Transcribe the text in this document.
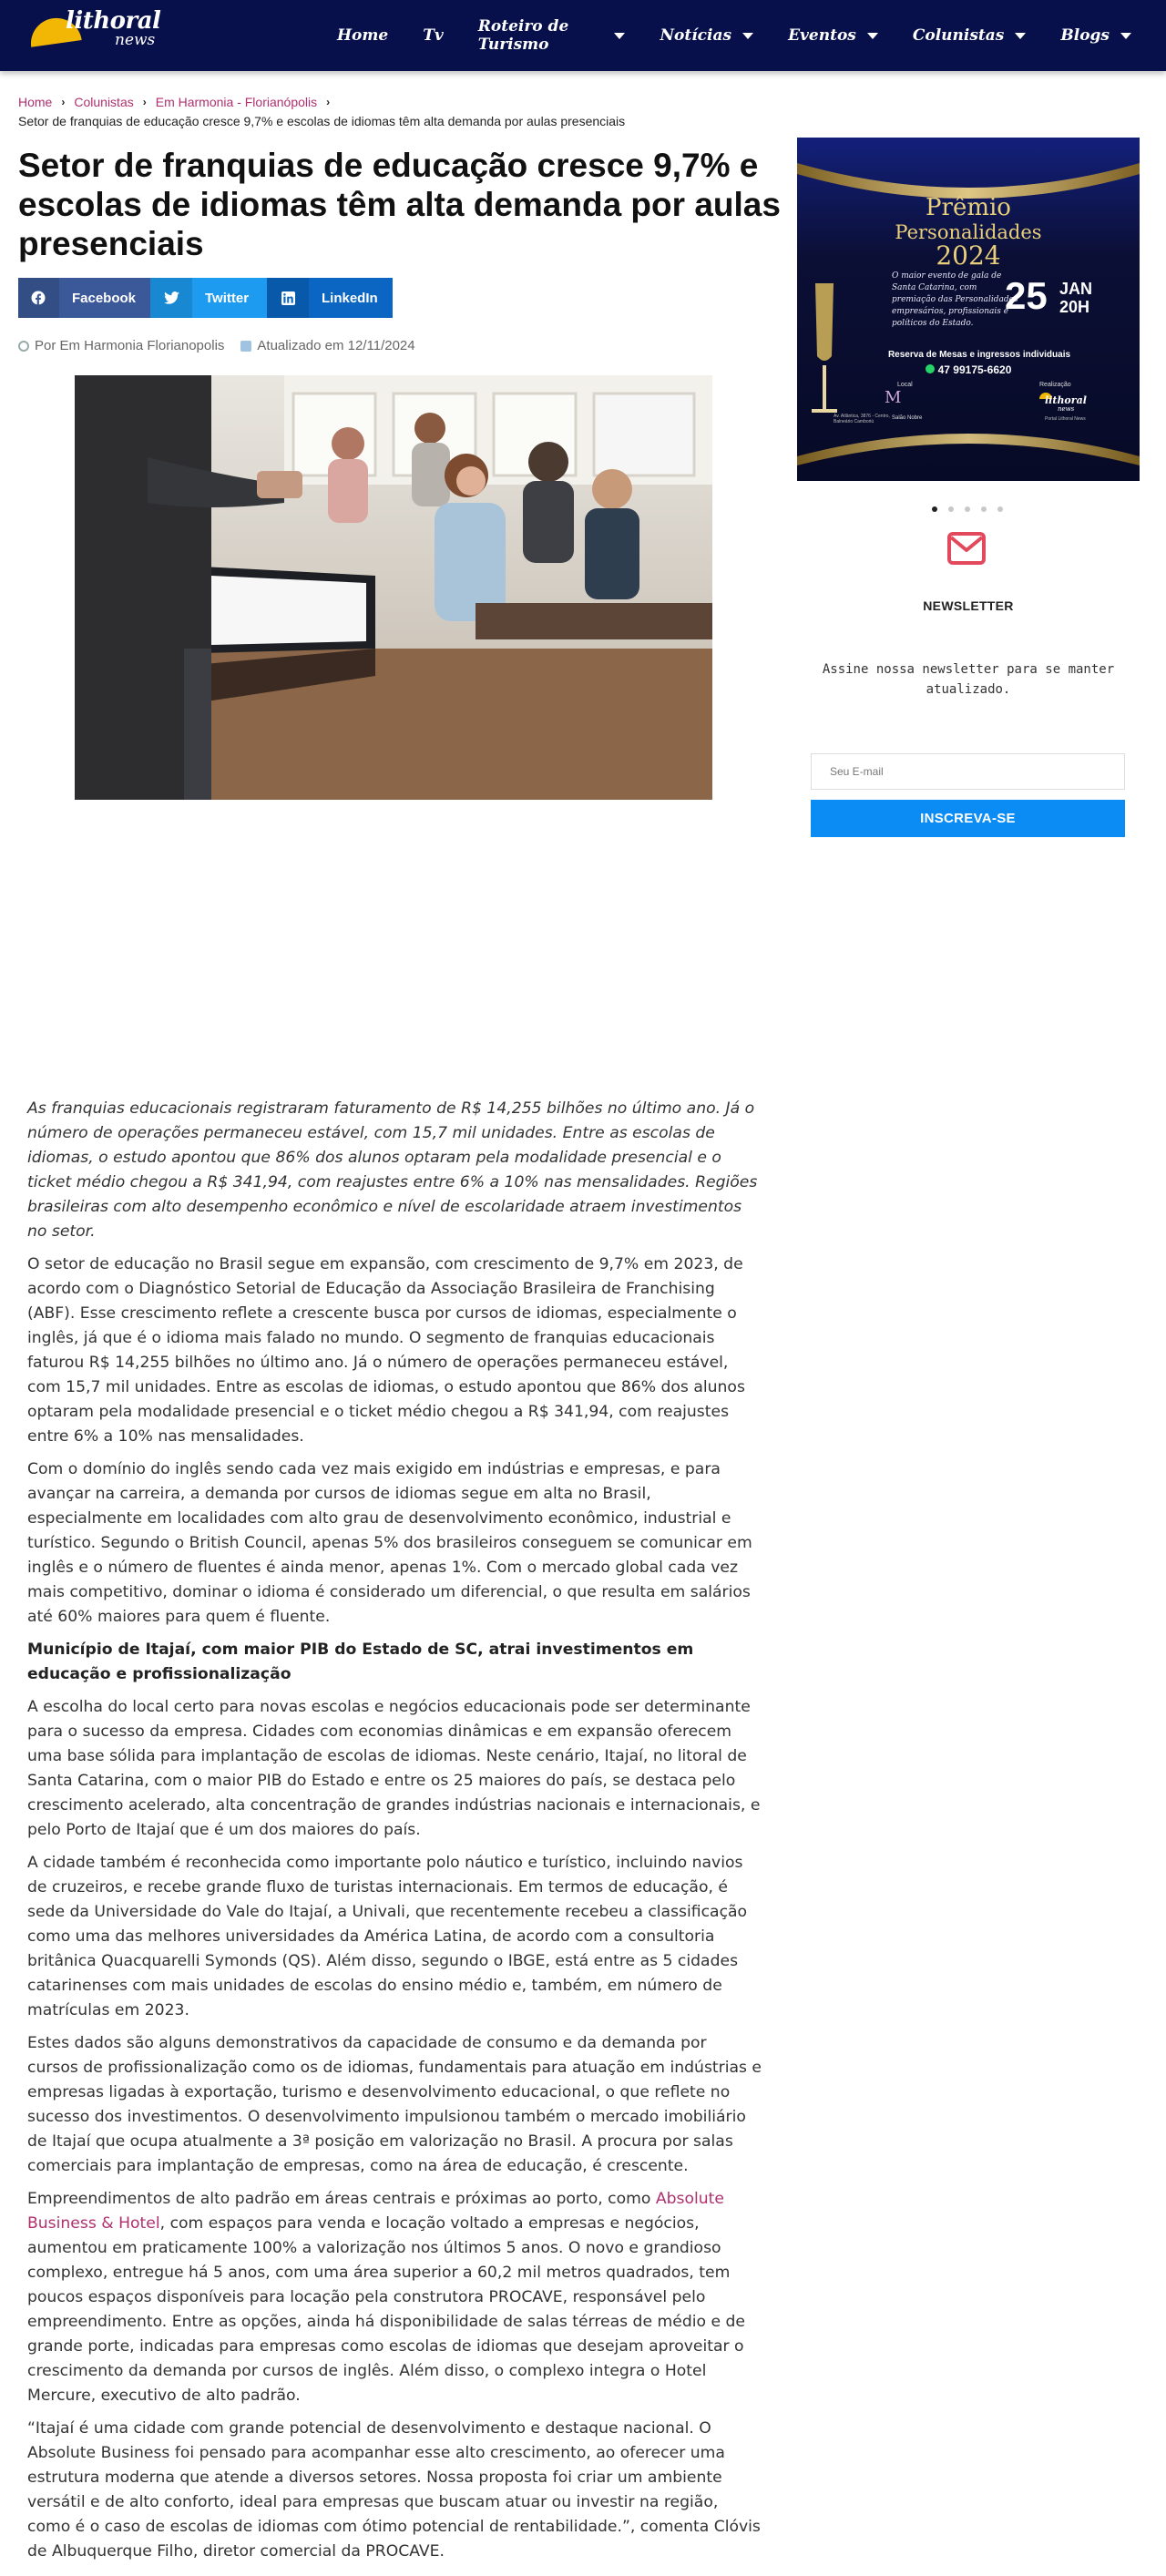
lithoral
news	Home Tv Roteiro de Turismo	Notícias	Eventos	Colunistas	Blogs
Home › Colunistas › Em Harmonia - Florianópolis ›
Setor de franquias de educação cresce 9,7% e escolas de idiomas têm alta demanda por aulas presenciais
Setor de franquias de educação cresce 9,7% e escolas de idiomas têm alta demanda por aulas presenciais
Facebook	Twitter	LinkedIn
Por Em Harmonia Florianopolis Atualizado em 12/11/2024

As franquias educacionais registraram faturamento de R$ 14,255 bilhões no último ano. Já o número de operações permaneceu estável, com 15,7 mil unidades. Entre as escolas de idiomas, o estudo apontou que 86% dos alunos optaram pela modalidade presencial e o ticket médio chegou a R$ 341,94, com reajustes entre 6% a 10% nas mensalidades. Regiões brasileiras com alto desempenho econômico e nível de escolaridade atraem investimentos no setor.

O setor de educação no Brasil segue em expansão, com crescimento de 9,7% em 2023, de acordo com o Diagnóstico Setorial de Educação da Associação Brasileira de Franchising (ABF). Esse crescimento reflete a crescente busca por cursos de idiomas, especialmente o inglês, já que é o idioma mais falado no mundo. O segmento de franquias educacionais faturou R$ 14,255 bilhões no último ano. Já o número de operações permaneceu estável, com 15,7 mil unidades. Entre as escolas de idiomas, o estudo apontou que 86% dos alunos optaram pela modalidade presencial e o ticket médio chegou a R$ 341,94, com reajustes entre 6% a 10% nas mensalidades.

Com o domínio do inglês sendo cada vez mais exigido em indústrias e empresas, e para avançar na carreira, a demanda por cursos de idiomas segue em alta no Brasil, especialmente em localidades com alto grau de desenvolvimento econômico, industrial e turístico. Segundo o British Council, apenas 5% dos brasileiros conseguem se comunicar em inglês e o número de fluentes é ainda menor, apenas 1%. Com o mercado global cada vez mais competitivo, dominar o idioma é considerado um diferencial, o que resulta em salários até 60% maiores para quem é fluente.

Município de Itajaí, com maior PIB do Estado de SC, atrai investimentos em educação e profissionalização

A escolha do local certo para novas escolas e negócios educacionais pode ser determinante para o sucesso da empresa. Cidades com economias dinâmicas e em expansão oferecem uma base sólida para implantação de escolas de idiomas. Neste cenário, Itajaí, no litoral de Santa Catarina, com o maior PIB do Estado e entre os 25 maiores do país, se destaca pelo crescimento acelerado, alta concentração de grandes indústrias nacionais e internacionais, e pelo Porto de Itajaí que é um dos maiores do país.

A cidade também é reconhecida como importante polo náutico e turístico, incluindo navios de cruzeiros, e recebe grande fluxo de turistas internacionais. Em termos de educação, é sede da Universidade do Vale do Itajaí, a Univali, que recentemente recebeu a classificação como uma das melhores universidades da América Latina, de acordo com a consultoria britânica Quacquarelli Symonds (QS). Além disso, segundo o IBGE, está entre as 5 cidades catarinenses com mais unidades de escolas do ensino médio e, também, em número de matrículas em 2023.

Estes dados são alguns demonstrativos da capacidade de consumo e da demanda por cursos de profissionalização como os de idiomas, fundamentais para atuação em indústrias e empresas ligadas à exportação, turismo e desenvolvimento educacional, o que reflete no sucesso dos investimentos. O desenvolvimento impulsionou também o mercado imobiliário de Itajaí que ocupa atualmente a 3ª posição em valorização no Brasil. A procura por salas comerciais para implantação de empresas, como na área de educação, é crescente.

Empreendimentos de alto padrão em áreas centrais e próximas ao porto, como Absolute Business & Hotel, com espaços para venda e locação voltado a empresas e negócios, aumentou em praticamente 100% a valorização nos últimos 5 anos. O novo e grandioso complexo, entregue há 5 anos, com uma área superior a 60,2 mil metros quadrados, tem poucos espaços disponíveis para locação pela construtora PROCAVE, responsável pelo empreendimento. Entre as opções, ainda há disponibilidade de salas térreas de médio e de grande porte, indicadas para empresas como escolas de idiomas que desejam aproveitar o crescimento da demanda por cursos de inglês. Além disso, o complexo integra o Hotel Mercure, executivo de alto padrão.

“Itajaí é uma cidade com grande potencial de desenvolvimento e destaque nacional. O Absolute Business foi pensado para acompanhar esse alto crescimento, ao oferecer uma estrutura moderna que atende a diversos setores. Nossa proposta foi criar um ambiente versátil e de alto conforto, ideal para empresas que buscam atuar ou investir na região, como é o caso de escolas de idiomas com ótimo potencial de rentabilidade.”, comenta Clóvis de Albuquerque Filho, diretor comercial da PROCAVE.

Prêmio
Personalidades
2024
O maior evento de gala de Santa Catarina, com premiação das Personalidades empresários, profissionais e políticos do Estado.
25 JAN
20H
Reserva de Mesas e ingressos individuais
47 99175-6620
Local	Realização
M
Salão Nobre
Av. Atlântica, 3876 - Centro, Balneário Camboriú
lithoral
news
Portal Lithoral News
NEWSLETTER
Assine nossa newsletter para se manter atualizado.
Seu E-mail
INSCREVA-SE
